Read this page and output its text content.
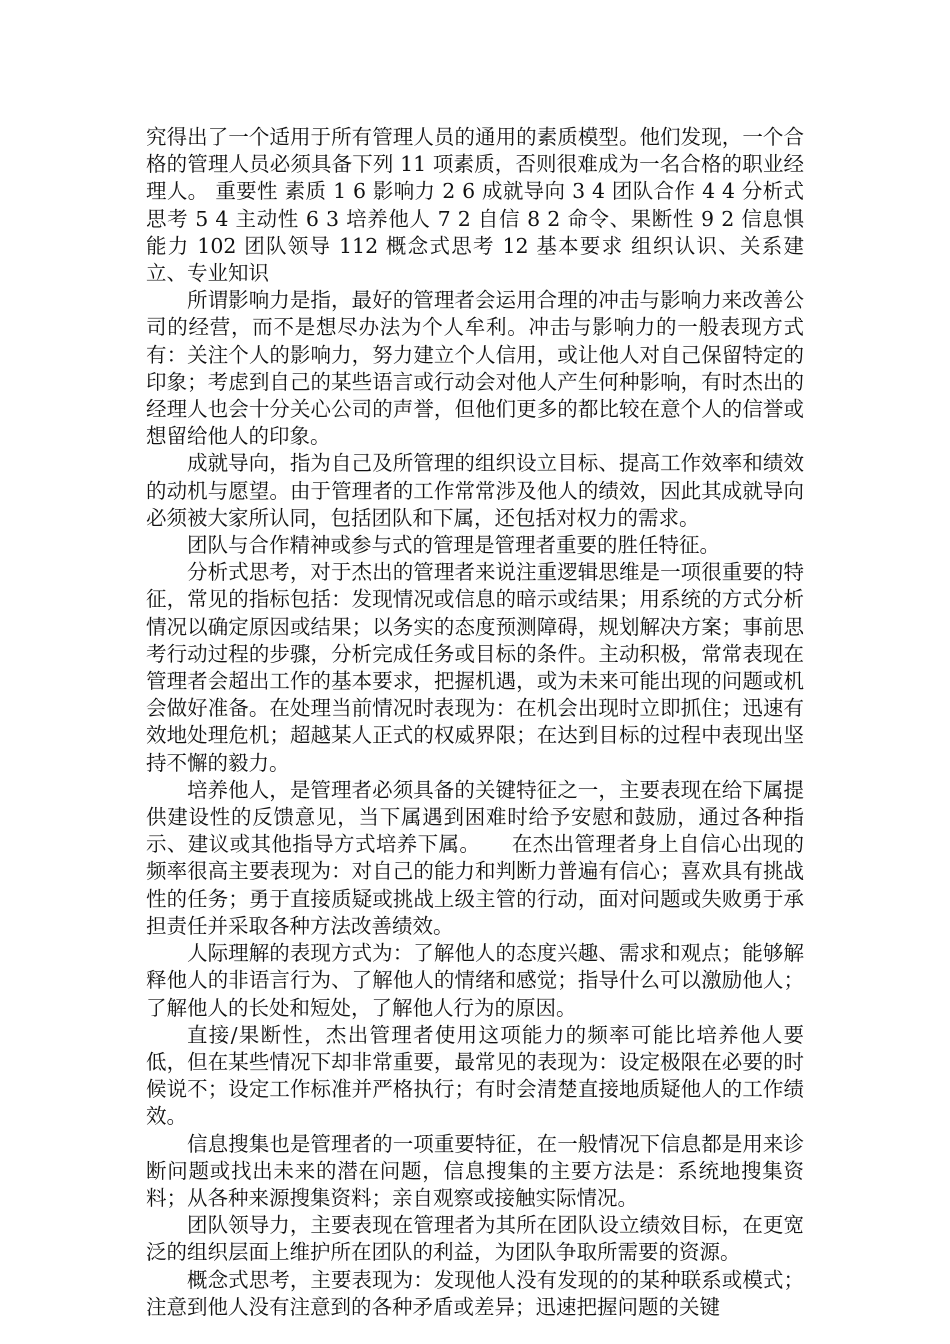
究得出了一个适用于所有管理人员的通用的素质模型。他们发现，一个合格的管理人员必须具备下列 11 项素质，否则很难成为一名合格的职业经理人。 重要性 素质 1 6 影响力 2 6 成就导向 3 4 团队合作 4 4 分析式思考 5 4 主动性 6 3 培养他人 7 2 自信 8 2 命令、果断性 9 2 信息惧能力 102 团队领导 112 概念式思考 12 基本要求 组织认识、关系建立、专业知识

所谓影响力是指，最好的管理者会运用合理的冲击与影响力来改善公司的经营，而不是想尽办法为个人牟利。冲击与影响力的一般表现方式有：关注个人的影响力，努力建立个人信用，或让他人对自己保留特定的印象；考虑到自己的某些语言或行动会对他人产生何种影响，有时杰出的经理人也会十分关心公司的声誉，但他们更多的都比较在意个人的信誉或想留给他人的印象。

成就导向，指为自己及所管理的组织设立目标、提高工作效率和绩效的动机与愿望。由于管理者的工作常常涉及他人的绩效，因此其成就导向必须被大家所认同，包括团队和下属，还包括对权力的需求。

团队与合作精神或参与式的管理是管理者重要的胜任特征。

分析式思考，对于杰出的管理者来说注重逻辑思维是一项很重要的特征，常见的指标包括：发现情况或信息的暗示或结果；用系统的方式分析情况以确定原因或结果；以务实的态度预测障碍，规划解决方案；事前思考行动过程的步骤，分析完成任务或目标的条件。主动积极，常常表现在管理者会超出工作的基本要求，把握机遇，或为未来可能出现的问题或机会做好准备。在处理当前情况时表现为：在机会出现时立即抓住；迅速有效地处理危机；超越某人正式的权威界限；在达到目标的过程中表现出坚持不懈的毅力。

培养他人，是管理者必须具备的关键特征之一，主要表现在给下属提供建设性的反馈意见，当下属遇到困难时给予安慰和鼓励，通过各种指示、建议或其他指导方式培养下属。　　在杰出管理者身上自信心出现的频率很高主要表现为：对自己的能力和判断力普遍有信心；喜欢具有挑战性的任务；勇于直接质疑或挑战上级主管的行动，面对问题或失败勇于承担责任并采取各种方法改善绩效。

人际理解的表现方式为：了解他人的态度兴趣、需求和观点；能够解释他人的非语言行为、了解他人的情绪和感觉；指导什么可以激励他人；了解他人的长处和短处，了解他人行为的原因。

直接/果断性，杰出管理者使用这项能力的频率可能比培养他人要低，但在某些情况下却非常重要，最常见的表现为：设定极限在必要的时候说不；设定工作标准并严格执行；有时会清楚直接地质疑他人的工作绩效。

信息搜集也是管理者的一项重要特征，在一般情况下信息都是用来诊断问题或找出未来的潜在问题，信息搜集的主要方法是：系统地搜集资料；从各种来源搜集资料；亲自观察或接触实际情况。

团队领导力，主要表现在管理者为其所在团队设立绩效目标，在更宽泛的组织层面上维护所在团队的利益，为团队争取所需要的资源。

概念式思考，主要表现为：发现他人没有发现的的某种联系或模式；注意到他人没有注意到的各种矛盾或差异；迅速把握问题的关键
